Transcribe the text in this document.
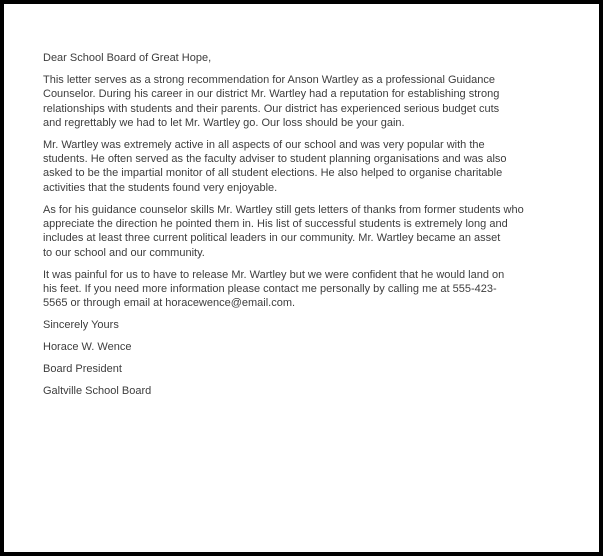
Dear School Board of Great Hope,

This letter serves as a strong recommendation for Anson Wartley as a professional Guidance
Counselor. During his career in our district Mr. Wartley had a reputation for establishing strong
relationships with students and their parents. Our district has experienced serious budget cuts
and regrettably we had to let Mr. Wartley go. Our loss should be your gain.

Mr. Wartley was extremely active in all aspects of our school and was very popular with the
students. He often served as the faculty adviser to student planning organisations and was also
asked to be the impartial monitor of all student elections. He also helped to organise charitable
activities that the students found very enjoyable.

As for his guidance counselor skills Mr. Wartley still gets letters of thanks from former students who
appreciate the direction he pointed them in. His list of successful students is extremely long and
includes at least three current political leaders in our community. Mr. Wartley became an asset
to our school and our community.

It was painful for us to have to release Mr. Wartley but we were confident that he would land on
his feet. If you need more information please contact me personally by calling me at 555-423-
5565 or through email at horacewence@email.com.

Sincerely Yours

Horace W. Wence

Board President

Galtville School Board
